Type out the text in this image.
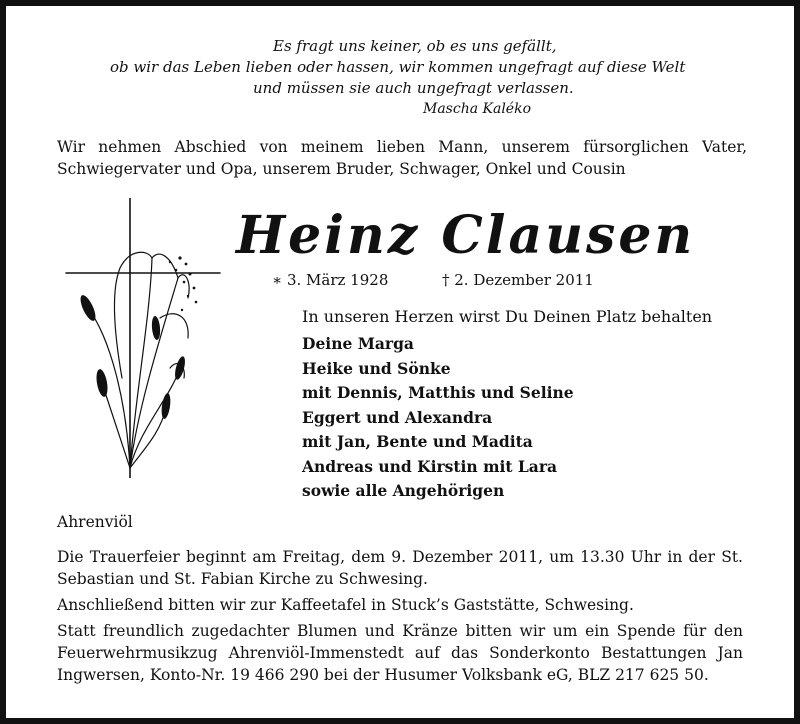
Es fragt uns keiner, ob es uns gefällt,
ob wir das Leben lieben oder hassen, wir kommen ungefragt auf diese Welt
und müssen sie auch ungefragt verlassen.
Mascha Kaléko
Wir nehmen Abschied von meinem lieben Mann, unserem fürsorglichen Vater, Schwiegervater und Opa, unserem Bruder, Schwager, Onkel und Cousin
Heinz Clausen
∗ 3. März 1928	† 2. Dezember 2011
In unseren Herzen wirst Du Deinen Platz behalten
Deine Marga
Heike und Sönke
mit Dennis, Matthis und Seline
Eggert und Alexandra
mit Jan, Bente und Madita
Andreas und Kirstin mit Lara
sowie alle Angehörigen
Ahrenviöl
Die Trauerfeier beginnt am Freitag, dem 9. Dezember 2011, um 13.30 Uhr in der St. Sebastian und St. Fabian Kirche zu Schwesing.
Anschließend bitten wir zur Kaffeetafel in Stuck’s Gaststätte, Schwesing.
Statt freundlich zugedachter Blumen und Kränze bitten wir um ein Spende für den Feuerwehrmusikzug Ahrenviöl-Immenstedt auf das Sonderkonto Bestattungen Jan Ingwersen, Konto-Nr. 19 466 290 bei der Husumer Volksbank eG, BLZ 217 625 50.
